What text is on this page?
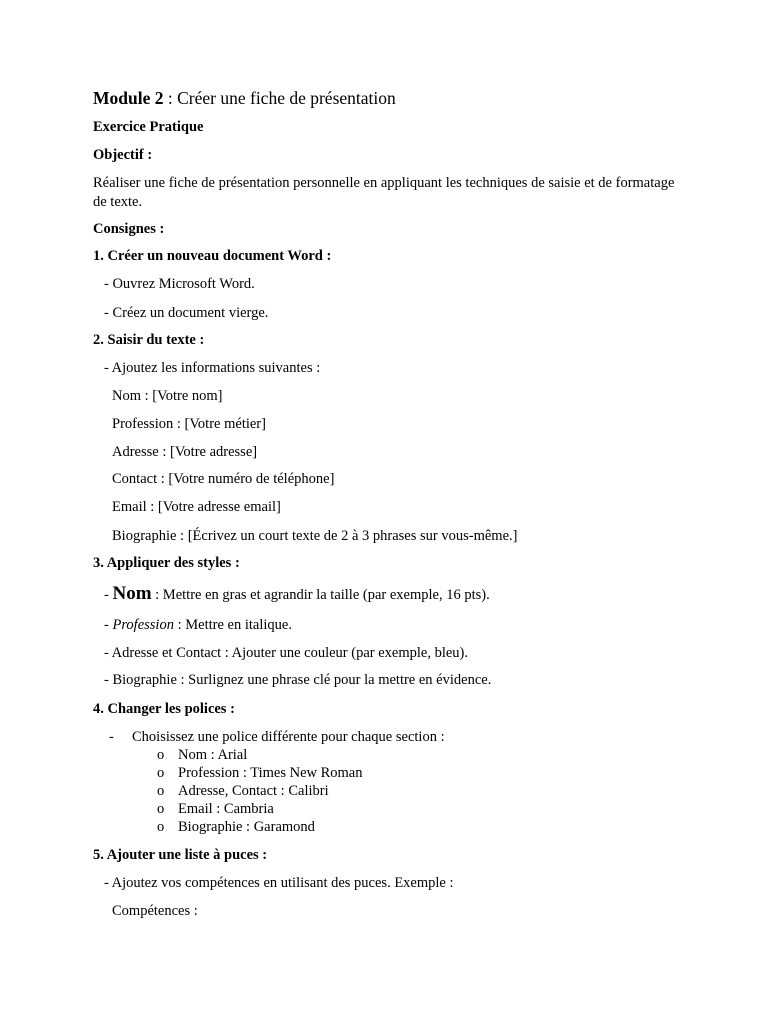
Module 2 : Créer une fiche de présentation
Exercice Pratique
Objectif :
Réaliser une fiche de présentation personnelle en appliquant les techniques de saisie et de formatage de texte.
Consignes :
1. Créer un nouveau document Word :
- Ouvrez Microsoft Word.
- Créez un document vierge.
2. Saisir du texte :
- Ajoutez les informations suivantes :
Nom : [Votre nom]
Profession : [Votre métier]
Adresse : [Votre adresse]
Contact : [Votre numéro de téléphone]
Email : [Votre adresse email]
Biographie : [Écrivez un court texte de 2 à 3 phrases sur vous-même.]
3. Appliquer des styles :
- Nom : Mettre en gras et agrandir la taille (par exemple, 16 pts).
- Profession : Mettre en italique.
- Adresse et Contact : Ajouter une couleur (par exemple, bleu).
- Biographie : Surlignez une phrase clé pour la mettre en évidence.
4. Changer les polices :
- Choisissez une police différente pour chaque section :
o Nom : Arial
o Profession : Times New Roman
o Adresse, Contact : Calibri
o Email : Cambria
o Biographie : Garamond
5. Ajouter une liste à puces :
- Ajoutez vos compétences en utilisant des puces. Exemple :
Compétences :
